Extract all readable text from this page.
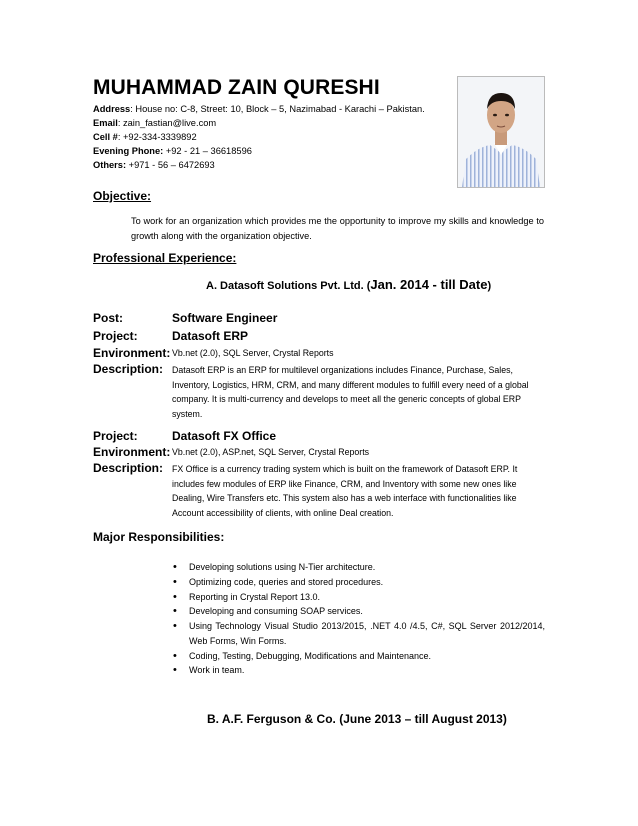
MUHAMMAD ZAIN QURESHI
Address: House no: C-8, Street: 10, Block – 5, Nazimabad - Karachi – Pakistan.
Email: zain_fastian@live.com
Cell #: +92-334-3339892
Evening Phone: +92 - 21 – 36618596
Others: +971 - 56 – 6472693
Objective:
To work for an organization which provides me the opportunity to improve my skills and knowledge to growth along with the organization objective.
Professional Experience:
A. Datasoft Solutions Pvt. Ltd. (Jan. 2014 - till Date)
Post:	Software Engineer
Project:	Datasoft ERP
Environment: Vb.net (2.0), SQL Server, Crystal Reports
Description: Datasoft ERP is an ERP for multilevel organizations includes Finance, Purchase, Sales, Inventory, Logistics, HRM, CRM, and many different modules to fulfill every need of a global company. It is multi-currency and develops to meet all the generic concepts of global ERP system.
Project:	Datasoft FX Office
Environment: Vb.net (2.0), ASP.net, SQL Server, Crystal Reports
Description: FX Office is a currency trading system which is built on the framework of Datasoft ERP. It includes few modules of ERP like Finance, CRM, and Inventory with some new ones like Dealing, Wire Transfers etc. This system also has a web interface with functionalities like Account accessibility of clients, with online Deal creation.
Major Responsibilities:
• Developing solutions using N-Tier architecture.
• Optimizing code, queries and stored procedures.
• Reporting in Crystal Report 13.0.
• Developing and consuming SOAP services.
• Using Technology Visual Studio 2013/2015, .NET 4.0 /4.5, C#, SQL Server 2012/2014, Web Forms, Win Forms.
• Coding, Testing, Debugging, Modifications and Maintenance.
• Work in team.
B. A.F. Ferguson & Co. (June 2013 – till August 2013)
